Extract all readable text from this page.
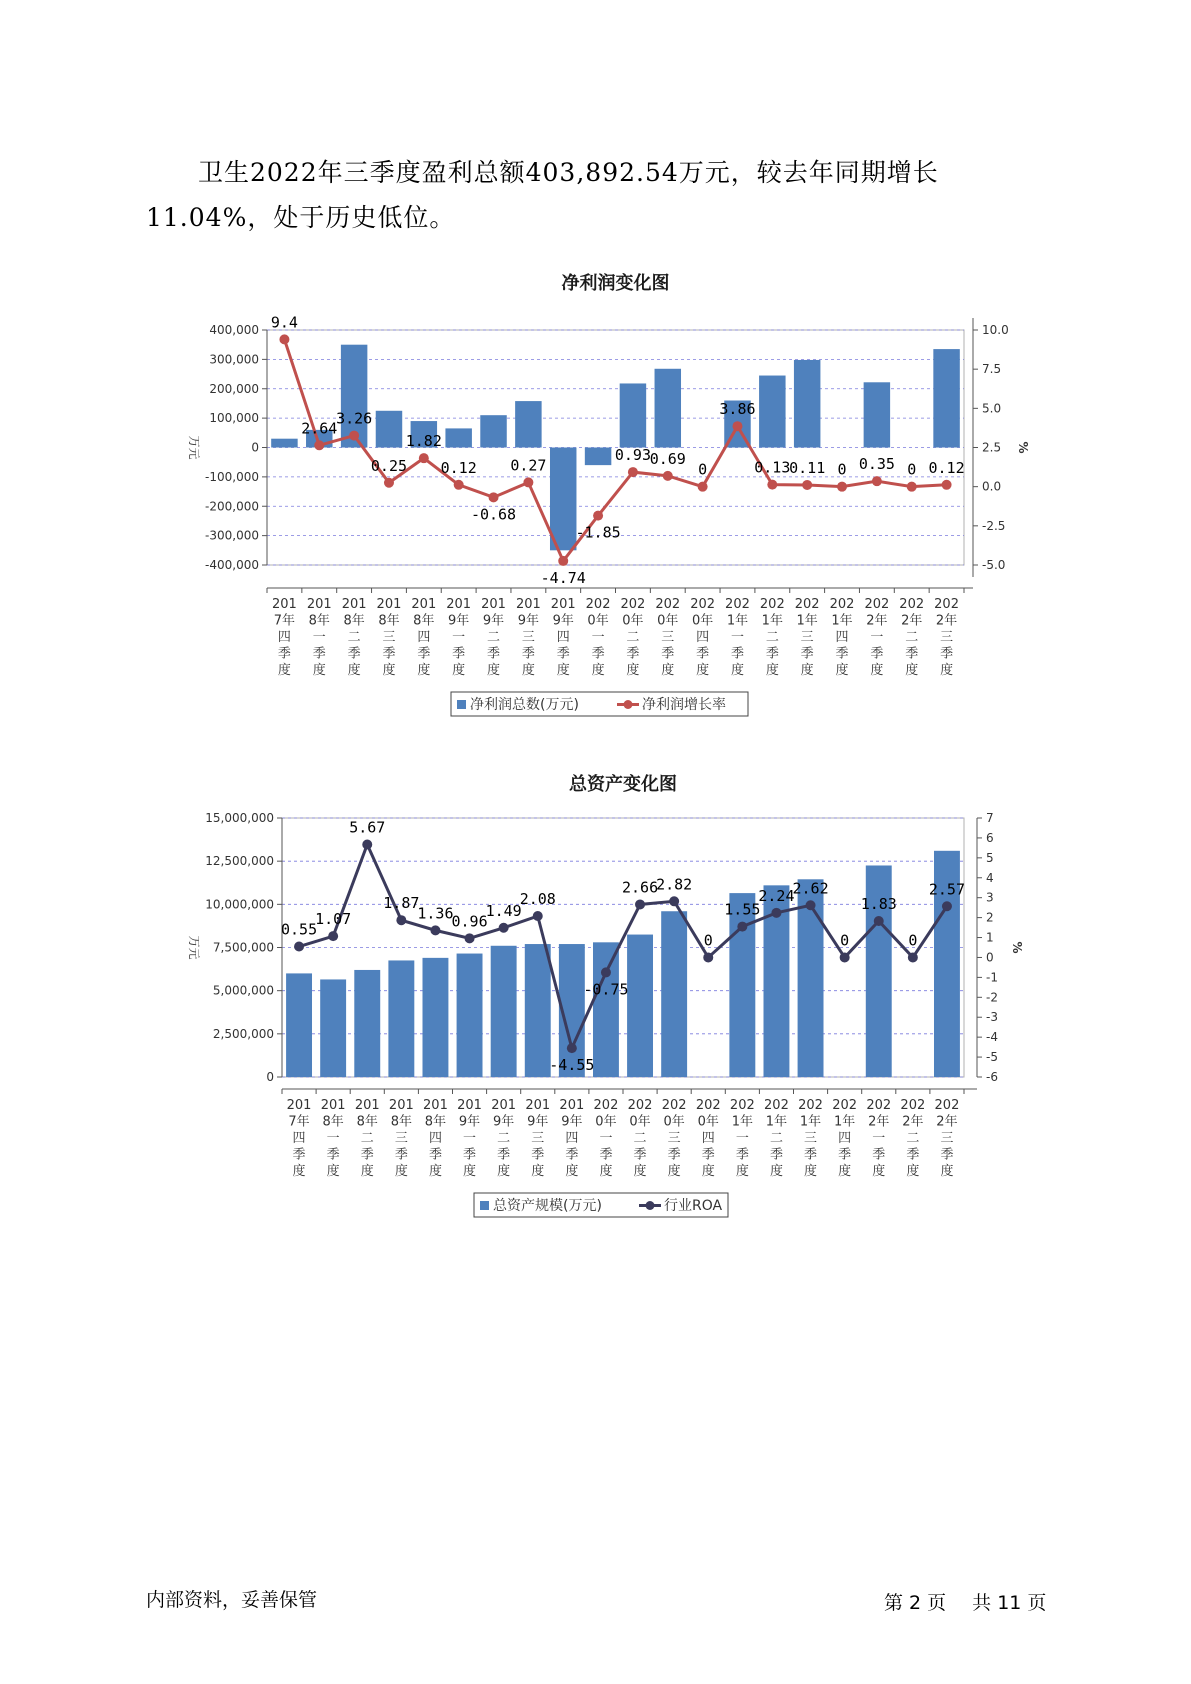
卫生2022年三季度盈利总额403,892.54万元，较去年同期增长11.04%，处于历史低位。

净利润变化图
-400,000
-300,000
-200,000
-100,000
0
100,000
200,000
300,000
400,000
-5.0
-2.5
0.0
2.5
5.0
7.5
10.0
万元	%
9.4
2.64
3.26
0.25
1.82
0.12
-0.68
0.27
-4.74
-1.85
0.93
0.69
0
3.86
0.13
0.11 0 0.35 0 0.12
201 7年四季度
201 8年一季度
201 8年二季度
201 8年三季度
201 8年四季度
201 9年一季度
201 9年二季度
201 9年三季度
201 9年四季度
202 0年一季度
202 0年二季度
202 0年三季度
202 0年四季度
202 1年一季度
202 1年二季度
202 1年三季度
202 1年四季度
202 2年一季度
202 2年二季度
202 2年三季度
净利润总数(万元)	净利润增长率
总资产变化图
0
2,500,000
5,000,000
7,500,000
10,000,000
12,500,000
15,000,000
-6
-5
-4
-3
-2
-1
0
1
2
3
4
5
6
7
万元	%
0.55
1.07
5.67
1.87
1.36
0.96
1.49
2.08
-4.55
-0.75
2.66
2.82
0
1.55
2.24
2.62
0
1.83
0
2.57
201 7年四季度
201 8年一季度
201 8年二季度
201 8年三季度
201 8年四季度
201 9年一季度
201 9年二季度
201 9年三季度
201 9年四季度
202 0年一季度
202 0年二季度
202 0年三季度
202 0年四季度
202 1年一季度
202 1年二季度
202 1年三季度
202 1年四季度
202 2年一季度
202 2年二季度
202 2年三季度
总资产规模(万元)	行业ROA
内部资料，妥善保管	第 2 页 共 11 页
